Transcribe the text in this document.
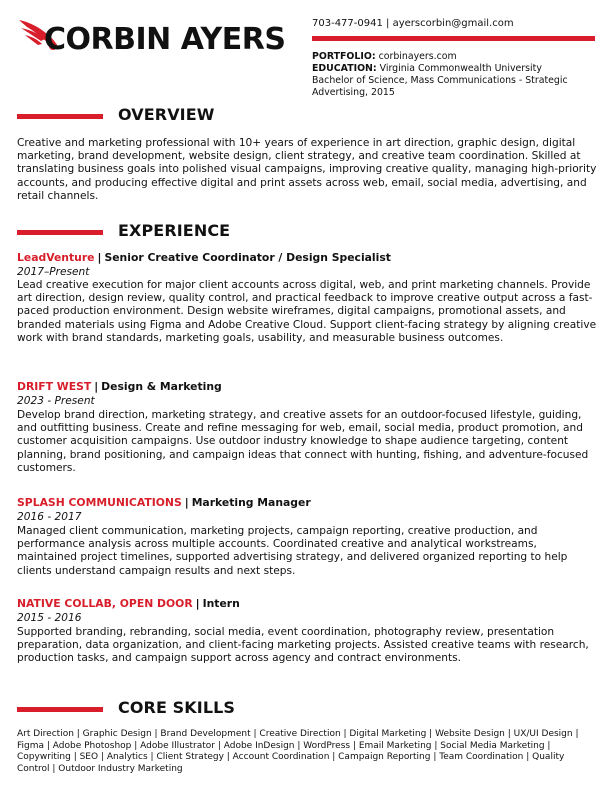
CORBIN AYERS	703-477-0941 | ayerscorbin@gmail.com
PORTFOLIO: corbinayers.com
EDUCATION: Virginia Commonwealth University
Bachelor of Science, Mass Communications - Strategic Advertising, 2015
OVERVIEW

Creative and marketing professional with 10+ years of experience in art direction, graphic design, digital marketing, brand development, website design, client strategy, and creative team coordination. Skilled at translating business goals into polished visual campaigns, improving creative quality, managing high-priority accounts, and producing effective digital and print assets across web, email, social media, advertising, and retail channels.

EXPERIENCE
LeadVenture | Senior Creative Coordinator / Design Specialist
2017–Present

Lead creative execution for major client accounts across digital, web, and print marketing channels. Provide art direction, design review, quality control, and practical feedback to improve creative output across a fast-paced production environment. Design website wireframes, digital campaigns, promotional assets, and branded materials using Figma and Adobe Creative Cloud. Support client-facing strategy by aligning creative work with brand standards, marketing goals, usability, and measurable business outcomes.

DRIFT WEST | Design & Marketing
2023 - Present

Develop brand direction, marketing strategy, and creative assets for an outdoor-focused lifestyle, guiding, and outfitting business. Create and refine messaging for web, email, social media, product promotion, and customer acquisition campaigns. Use outdoor industry knowledge to shape audience targeting, content planning, brand positioning, and campaign ideas that connect with hunting, fishing, and adventure-focused customers.

SPLASH COMMUNICATIONS | Marketing Manager
2016 - 2017

Managed client communication, marketing projects, campaign reporting, creative production, and performance analysis across multiple accounts. Coordinated creative and analytical workstreams, maintained project timelines, supported advertising strategy, and delivered organized reporting to help clients understand campaign results and next steps.

NATIVE COLLAB, OPEN DOOR | Intern
2015 - 2016

Supported branding, rebranding, social media, event coordination, photography review, presentation preparation, data organization, and client-facing marketing projects. Assisted creative teams with research, production tasks, and campaign support across agency and contract environments.

CORE SKILLS

Art Direction | Graphic Design | Brand Development | Creative Direction | Digital Marketing | Website Design | UX/UI Design | Figma | Adobe Photoshop | Adobe Illustrator | Adobe InDesign | WordPress | Email Marketing | Social Media Marketing | Copywriting | SEO | Analytics | Client Strategy | Account Coordination | Campaign Reporting | Team Coordination | Quality Control | Outdoor Industry Marketing
